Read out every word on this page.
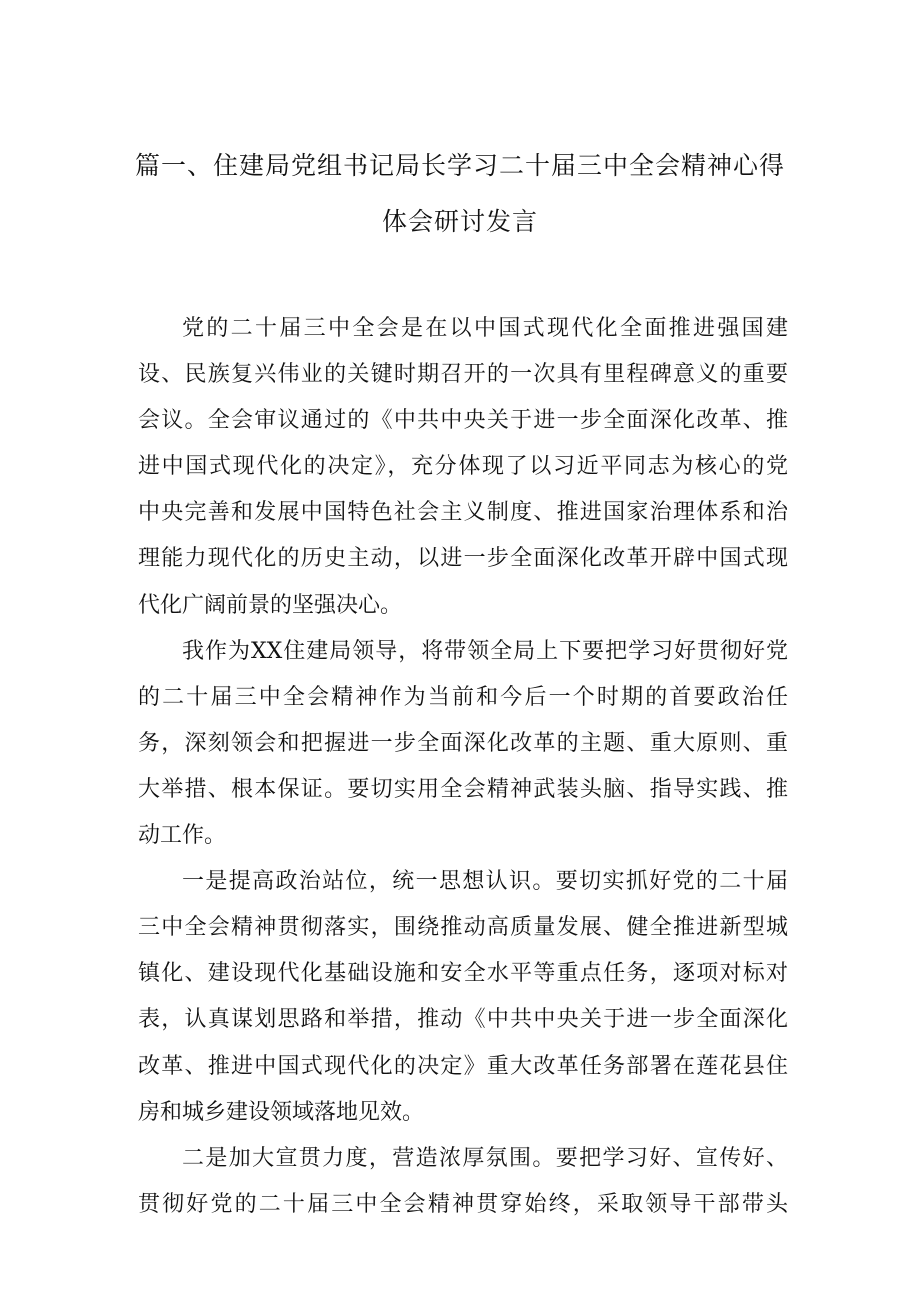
篇一、住建局党组书记局长学习二十届三中全会精神心得
体会研讨发言
党的二十届三中全会是在以中国式现代化全面推进强国建
设、民族复兴伟业的关键时期召开的一次具有里程碑意义的重要
会议。全会审议通过的《中共中央关于进一步全面深化改革、推
进中国式现代化的决定》，充分体现了以习近平同志为核心的党
中央完善和发展中国特色社会主义制度、推进国家治理体系和治
理能力现代化的历史主动，以进一步全面深化改革开辟中国式现
代化广阔前景的坚强决心。
我作为XX住建局领导，将带领全局上下要把学习好贯彻好党
的二十届三中全会精神作为当前和今后一个时期的首要政治任
务，深刻领会和把握进一步全面深化改革的主题、重大原则、重
大举措、根本保证。要切实用全会精神武装头脑、指导实践、推
动工作。
一是提高政治站位，统一思想认识。要切实抓好党的二十届
三中全会精神贯彻落实，围绕推动高质量发展、健全推进新型城
镇化、建设现代化基础设施和安全水平等重点任务，逐项对标对
表，认真谋划思路和举措，推动《中共中央关于进一步全面深化
改革、推进中国式现代化的决定》重大改革任务部署在莲花县住
房和城乡建设领域落地见效。
二是加大宣贯力度，营造浓厚氛围。要把学习好、宣传好、
贯彻好党的二十届三中全会精神贯穿始终，采取领导干部带头
